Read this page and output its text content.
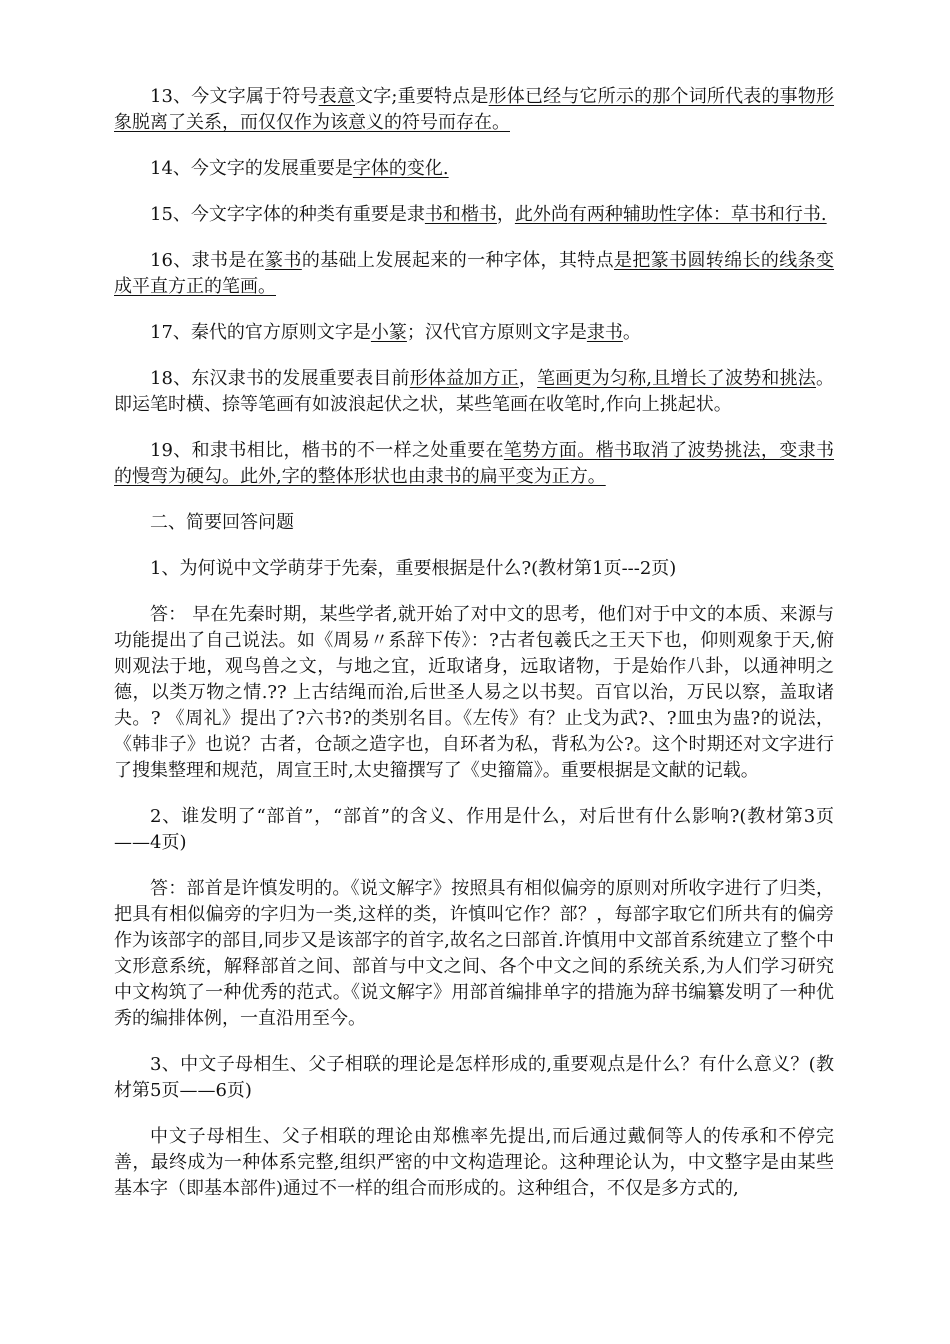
13、今文字属于符号表意文字;重要特点是形体已经与它所示的那个词所代表的事物形象脱离了关系，而仅仅作为该意义的符号而存在。

14、今文字的发展重要是字体的变化.

15、今文字字体的种类有重要是隶书和楷书，此外尚有两种辅助性字体：草书和行书.

16、隶书是在篆书的基础上发展起来的一种字体，其特点是把篆书圆转绵长的线条变成平直方正的笔画。

17、秦代的官方原则文字是小篆；汉代官方原则文字是隶书。

18、东汉隶书的发展重要表目前形体益加方正，笔画更为匀称,且增长了波势和挑法。即运笔时横、捺等笔画有如波浪起伏之状，某些笔画在收笔时,作向上挑起状。

19、和隶书相比，楷书的不一样之处重要在笔势方面。楷书取消了波势挑法，变隶书的慢弯为硬勾。此外,字的整体形状也由隶书的扁平变为正方。

二、简要回答问题

1、为何说中文学萌芽于先秦，重要根据是什么?(教材第1页---2页)

答： 早在先秦时期，某些学者,就开始了对中文的思考，他们对于中文的本质、来源与功能提出了自己说法。如《周易〃系辞下传》：?古者包羲氏之王天下也，仰则观象于天,俯则观法于地，观鸟兽之文，与地之宜，近取诸身，远取诸物，于是始作八卦，以通神明之德，以类万物之情.?? 上古结绳而治,后世圣人易之以书契。百官以治，万民以察，盖取诸夬。? 《周礼》提出了?六书?的类别名目。《左传》有？止戈为武?、?皿虫为蛊?的说法，《韩非子》也说？古者，仓颉之造字也，自环者为私，背私为公?。这个时期还对文字进行了搜集整理和规范，周宣王时,太史籀撰写了《史籀篇》。重要根据是文献的记载。

2、谁发明了“部首”，“部首”的含义、作用是什么，对后世有什么影响?(教材第3页——4页)

答：部首是许慎发明的。《说文解字》按照具有相似偏旁的原则对所收字进行了归类，把具有相似偏旁的字归为一类,这样的类，许慎叫它作？部？，每部字取它们所共有的偏旁作为该部字的部目,同步又是该部字的首字,故名之曰部首.许慎用中文部首系统建立了整个中文形意系统，解释部首之间、部首与中文之间、各个中文之间的系统关系,为人们学习研究中文构筑了一种优秀的范式。《说文解字》用部首编排单字的措施为辞书编纂发明了一种优秀的编排体例，一直沿用至今。

3、中文子母相生、父子相联的理论是怎样形成的,重要观点是什么？有什么意义？(教材第5页——6页)

中文子母相生、父子相联的理论由郑樵率先提出,而后通过戴侗等人的传承和不停完善，最终成为一种体系完整,组织严密的中文构造理论。这种理论认为，中文整字是由某些基本字（即基本部件)通过不一样的组合而形成的。这种组合，不仅是多方式的,
